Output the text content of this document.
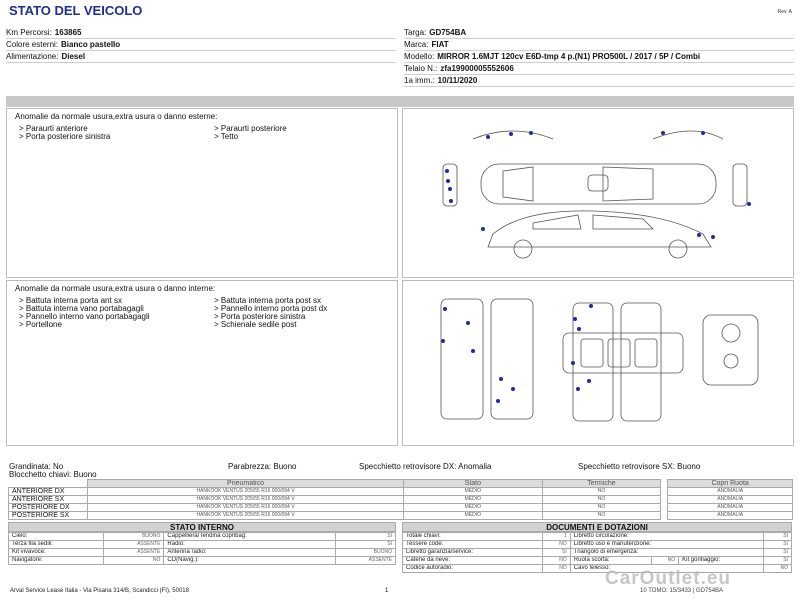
STATO DEL VEICOLO	Rev. A
Km Percorsi: 163865
Colore esterni: Bianco pastello
Alimentazione: Diesel
Targa: GD754BA
Marca: FIAT
Modello: MIRROR 1.6MJT 120cv E6D-tmp 4 p.(N1) PRO500L / 2017 / 5P / Combi
Telaio N.: zfa19900005552606
1a imm.: 10/11/2020
Anomalie da normale usura,extra usura o danno esterne:
> Paraurti anteriore	> Paraurti posteriore
> Porta posteriore sinistra	> Tetto
Anomalie da normale usura,extra usura o danno interne:
> Battuta interna porta ant sx	> Battuta interna porta post sx
> Battuta interna vano portabagagli	> Pannello interno porta post dx
> Pannello interno vano portabagagli	> Porta posteriore sinistra
> Portellone	> Schienale sedile post
Grandinata: No
Blocchetto chiavi: Buono
Parabrezza: Buono	Specchietto retrovisore DX: Anomalia	Specchietto retrovisore SX: Buono
	Pneumatico	Stato	Termiche		Copri Ruota
ANTERIORE DX	HANKOOK VENTUS 205/55 R16 000/094 V	MEDIO	NO		ANOMALIA
ANTERIORE SX	HANKOOK VENTUS 205/55 R16 000/094 V	MEDIO	NO		ANOMALIA
POSTERIORE DX	HANKOOK VENTUS 205/55 R16 000/094 V	MEDIO	NO		ANOMALIA
POSTERIORE SX	HANKOOK VENTUS 205/55 R16 000/094 V	MEDIO	NO		ANOMALIA
STATO INTERNO
Cielo:	BUONO	Cappelliera/Tendina copribag:	SI
Terza fila sedili:	ASSENTE	Radio:	SI
Kit vivavoce:	ASSENTE	Antenna radio:	BUONO
Navigatore:	NO	CD(Navig.):	ASSENTE
DOCUMENTI E DOTAZIONI
Totale chiavi:	1	Libretto circolazione:			SI
Tessere code:	NO	Libretto uso e manutenzione:			SI
Libretto garanzia/service:	SI	Triangolo di emergenza:			SI
Catene da neve:	NO	Ruota scorta:	NO	Kit gonfiaggio:	SI
Codice autoradio:	NO	Cavo telesso:			NO
Arval Service Lease Italia - Via Pisana 314/B, Scandicci (FI), 50018	1	10 TOMO: 15/3433 | GD754BA
CarOutlet.eu
